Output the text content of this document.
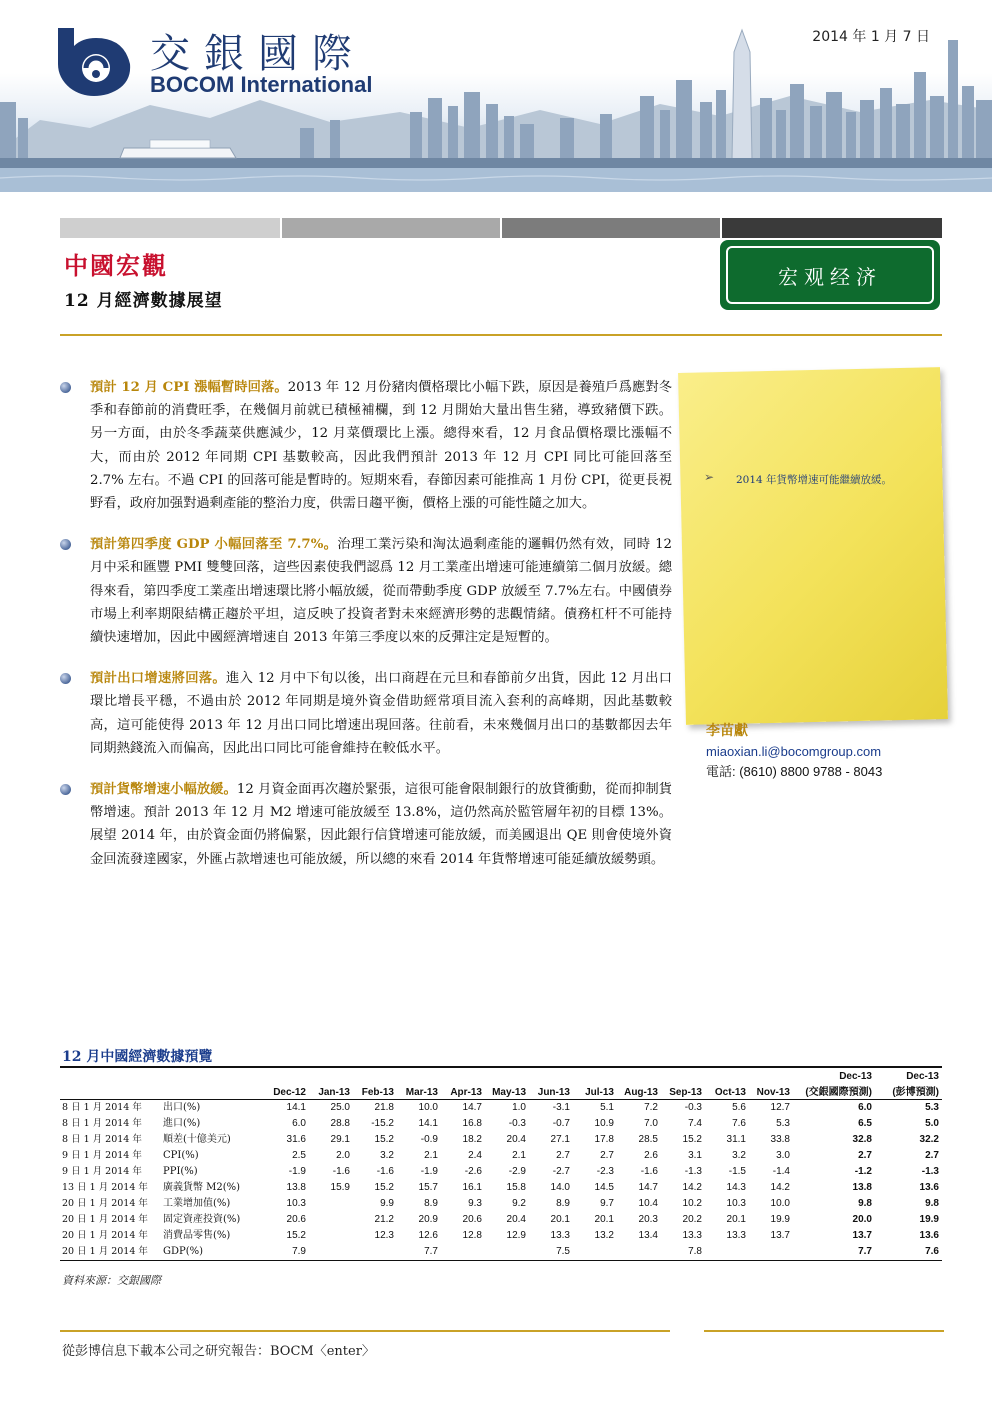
交銀國際
BOCOM International
2014 年 1 月 7 日
中國宏觀
12 月經濟數據展望
宏观经济
預計 12 月 CPI 漲幅暫時回落。2013 年 12 月份豬肉價格環比小幅下跌，原因是養殖戶爲應對冬季和春節前的消費旺季，在幾個月前就已積極補欄，到 12 月開始大量出售生豬，導致豬價下跌。另一方面，由於冬季蔬菜供應減少，12 月菜價環比上漲。總得來看，12 月食品價格環比漲幅不大，而由於 2012 年同期 CPI 基數較高，因此我們預計 2013 年 12 月 CPI 同比可能回落至 2.7% 左右。不過 CPI 的回落可能是暫時的。短期來看，春節因素可能推高 1 月份 CPI，從更長視野看，政府加强對過剩產能的整治力度，供需日趨平衡，價格上漲的可能性隨之加大。
預計第四季度 GDP 小幅回落至 7.7%。治理工業污染和淘汰過剩產能的邏輯仍然有效，同時 12 月中采和匯豐 PMI 雙雙回落，這些因素使我們認爲 12 月工業產出增速可能連續第二個月放緩。總得來看，第四季度工業產出增速環比將小幅放緩，從而帶動季度 GDP 放緩至 7.7%左右。中國債券市場上利率期限結構正趨於平坦，這反映了投資者對未來經濟形勢的悲觀情緒。債務杠杆不可能持續快速增加，因此中國經濟增速自 2013 年第三季度以來的反彈注定是短暫的。
預計出口增速將回落。進入 12 月中下旬以後，出口商趕在元旦和春節前夕出貨，因此 12 月出口環比增長平穩，不過由於 2012 年同期是境外資金借助經常項目流入套利的高峰期，因此基數較高，這可能使得 2013 年 12 月出口同比增速出現回落。往前看，未來幾個月出口的基數都因去年同期熱錢流入而偏高，因此出口同比可能會維持在較低水平。
預計貨幣增速小幅放緩。12 月資金面再次趨於緊張，這很可能會限制銀行的放貸衝動，從而抑制貨幣增速。預計 2013 年 12 月 M2 增速可能放緩至 13.8%，這仍然高於監管層年初的目標 13%。展望 2014 年，由於資金面仍將偏緊，因此銀行信貸增速可能放緩，而美國退出 QE 則會使境外資金回流發達國家，外匯占款增速也可能放緩，所以總的來看 2014 年貨幣增速可能延續放緩勢頭。
➢ 2014 年貨幣增速可能繼續放緩。
李苗獻
miaoxian.li@bocomgroup.com
電話: (8610) 8800 9788 - 8043
12 月中國經濟數據預覽
														Dec-13	Dec-13
		Dec-12	Jan-13	Feb-13	Mar-13	Apr-13	May-13	Jun-13	Jul-13	Aug-13	Sep-13	Oct-13	Nov-13	(交銀國際預測)	(彭博預測)
8 日 1 月 2014 年	出口(%)	14.1	25.0	21.8	10.0	14.7	1.0	-3.1	5.1	7.2	-0.3	5.6	12.7	6.0	5.3
8 日 1 月 2014 年	進口(%)	6.0	28.8	-15.2	14.1	16.8	-0.3	-0.7	10.9	7.0	7.4	7.6	5.3	6.5	5.0
8 日 1 月 2014 年	順差(十億美元)	31.6	29.1	15.2	-0.9	18.2	20.4	27.1	17.8	28.5	15.2	31.1	33.8	32.8	32.2
9 日 1 月 2014 年	CPI(%)	2.5	2.0	3.2	2.1	2.4	2.1	2.7	2.7	2.6	3.1	3.2	3.0	2.7	2.7
9 日 1 月 2014 年	PPI(%)	-1.9	-1.6	-1.6	-1.9	-2.6	-2.9	-2.7	-2.3	-1.6	-1.3	-1.5	-1.4	-1.2	-1.3
13 日 1 月 2014 年	廣義貨幣 M2(%)	13.8	15.9	15.2	15.7	16.1	15.8	14.0	14.5	14.7	14.2	14.3	14.2	13.8	13.6
20 日 1 月 2014 年	工業增加值(%)	10.3		9.9	8.9	9.3	9.2	8.9	9.7	10.4	10.2	10.3	10.0	9.8	9.8
20 日 1 月 2014 年	固定資產投資(%)	20.6		21.2	20.9	20.6	20.4	20.1	20.1	20.3	20.2	20.1	19.9	20.0	19.9
20 日 1 月 2014 年	消費品零售(%)	15.2		12.3	12.6	12.8	12.9	13.3	13.2	13.4	13.3	13.3	13.7	13.7	13.6
20 日 1 月 2014 年	GDP(%)	7.9			7.7			7.5			7.8			7.7	7.6
資料來源：交銀國際
從彭博信息下載本公司之研究報告：BOCM〈enter〉
